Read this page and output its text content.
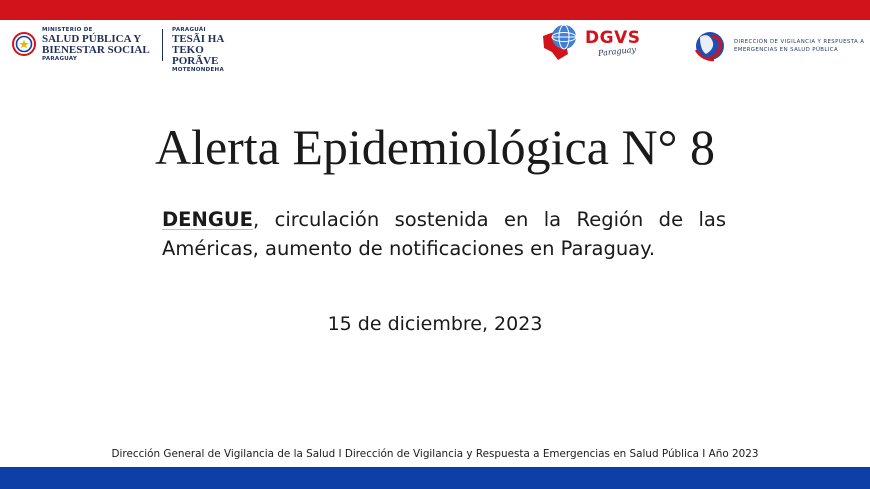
MINISTERIO DE
SALUD PÚBLICA Y
BIENESTAR SOCIAL
PARAGUAY
PARAGUÁI
TESÃI HA TEKO
PORÃVE
MOTENONDEHA
DGVS
Paraguay
DIRECCIÓN DE VIGILANCIA Y RESPUESTA A
EMERGENCIAS EN SALUD PÚBLICA
Alerta Epidemiológica N° 8

DENGUE, circulación sostenida en la Región de las Américas, aumento de notificaciones en Paraguay.

15 de diciembre, 2023
Dirección General de Vigilancia de la Salud I Dirección de Vigilancia y Respuesta a Emergencias en Salud Pública I Año 2023
